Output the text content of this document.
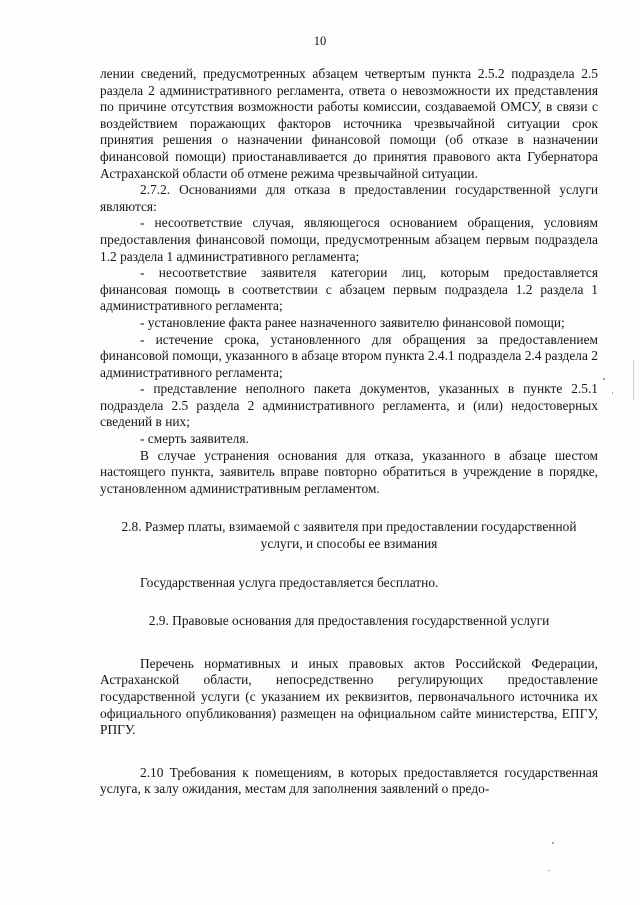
10

лении сведений, предусмотренных абзацем четвертым пункта 2.5.2 подраздела 2.5 раздела 2 административного регламента, ответа о невозможности их представления по причине отсутствия возможности работы комиссии, создаваемой ОМСУ, в связи с воздействием поражающих факторов источника чрезвычайной ситуации срок принятия решения о назначении финансовой помощи (об отказе в назначении финансовой помощи) приостанавливается до принятия правового акта Губернатора Астраханской области об отмене режима чрезвычайной ситуации.

2.7.2. Основаниями для отказа в предоставлении государственной услуги являются:

- несоответствие случая, являющегося основанием обращения, условиям предоставления финансовой помощи, предусмотренным абзацем первым подраздела 1.2 раздела 1 административного регламента;

- несоответствие заявителя категории лиц, которым предоставляется финансовая помощь в соответствии с абзацем первым подраздела 1.2 раздела 1 административного регламента;

- установление факта ранее назначенного заявителю финансовой помощи;

- истечение срока, установленного для обращения за предоставлением финансовой помощи, указанного в абзаце втором пункта 2.4.1 подраздела 2.4 раздела 2 административного регламента;

- представление неполного пакета документов, указанных в пункте 2.5.1 подраздела 2.5 раздела 2 административного регламента, и (или) недостоверных сведений в них;

- смерть заявителя.

В случае устранения основания для отказа, указанного в абзаце шестом настоящего пункта, заявитель вправе повторно обратиться в учреждение в порядке, установленном административным регламентом.

2.8. Размер платы, взимаемой с заявителя при предоставлении государственной услуги, и способы ее взимания

Государственная услуга предоставляется бесплатно.

2.9. Правовые основания для предоставления государственной услуги

Перечень нормативных и иных правовых актов Российской Федерации, Астраханской области, непосредственно регулирующих предоставление государственной услуги (с указанием их реквизитов, первоначального источника их официального опубликования) размещен на официальном сайте министерства, ЕПГУ, РПГУ.

2.10 Требования к помещениям, в которых предоставляется государственная услуга, к залу ожидания, местам для заполнения заявлений о предо-
